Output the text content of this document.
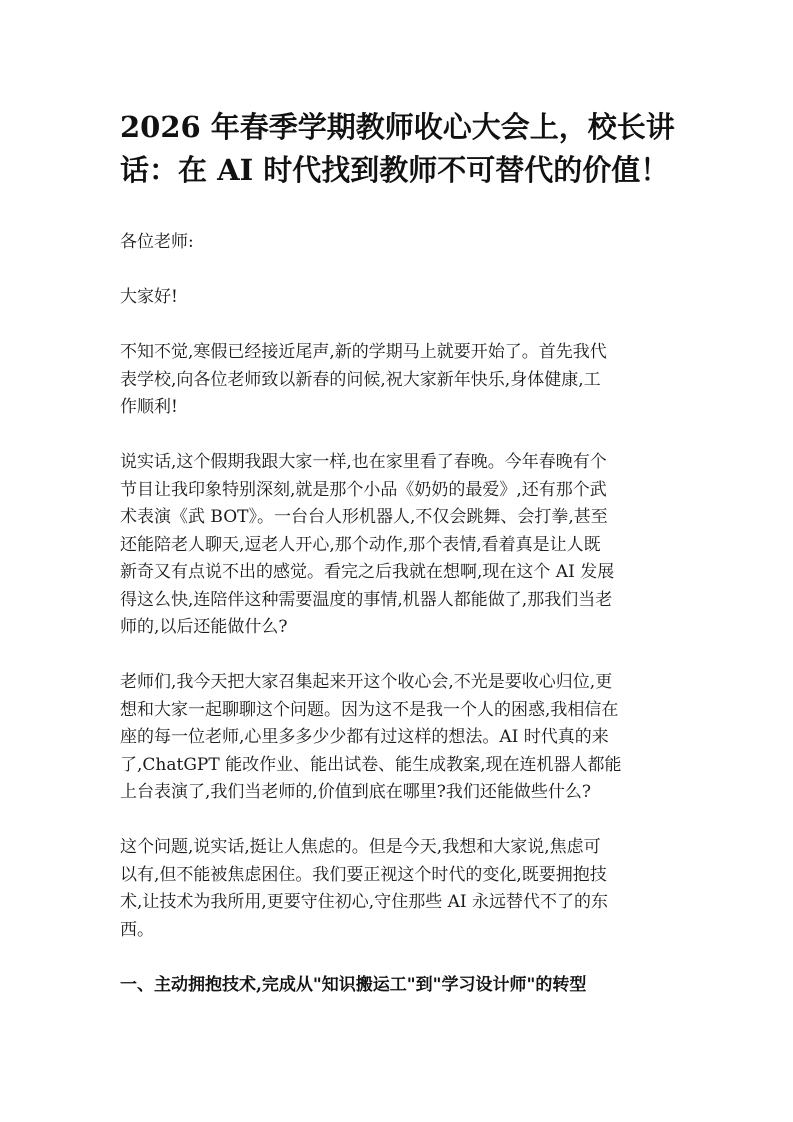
2026 年春季学期教师收心大会上，校长讲
话：在 AI 时代找到教师不可替代的价值！

各位老师:

大家好!

不知不觉,寒假已经接近尾声,新的学期马上就要开始了。首先我代
表学校,向各位老师致以新春的问候,祝大家新年快乐,身体健康,工
作顺利!

说实话,这个假期我跟大家一样,也在家里看了春晚。今年春晚有个
节目让我印象特别深刻,就是那个小品《奶奶的最爱》,还有那个武
术表演《武 BOT》。一台台人形机器人,不仅会跳舞、会打拳,甚至
还能陪老人聊天,逗老人开心,那个动作,那个表情,看着真是让人既
新奇又有点说不出的感觉。看完之后我就在想啊,现在这个 AI 发展
得这么快,连陪伴这种需要温度的事情,机器人都能做了,那我们当老
师的,以后还能做什么?

老师们,我今天把大家召集起来开这个收心会,不光是要收心归位,更
想和大家一起聊聊这个问题。因为这不是我一个人的困惑,我相信在
座的每一位老师,心里多多少少都有过这样的想法。AI 时代真的来
了,ChatGPT 能改作业、能出试卷、能生成教案,现在连机器人都能
上台表演了,我们当老师的,价值到底在哪里?我们还能做些什么?

这个问题,说实话,挺让人焦虑的。但是今天,我想和大家说,焦虑可
以有,但不能被焦虑困住。我们要正视这个时代的变化,既要拥抱技
术,让技术为我所用,更要守住初心,守住那些 AI 永远替代不了的东
西。

一、主动拥抱技术,完成从"知识搬运工"到"学习设计师"的转型
